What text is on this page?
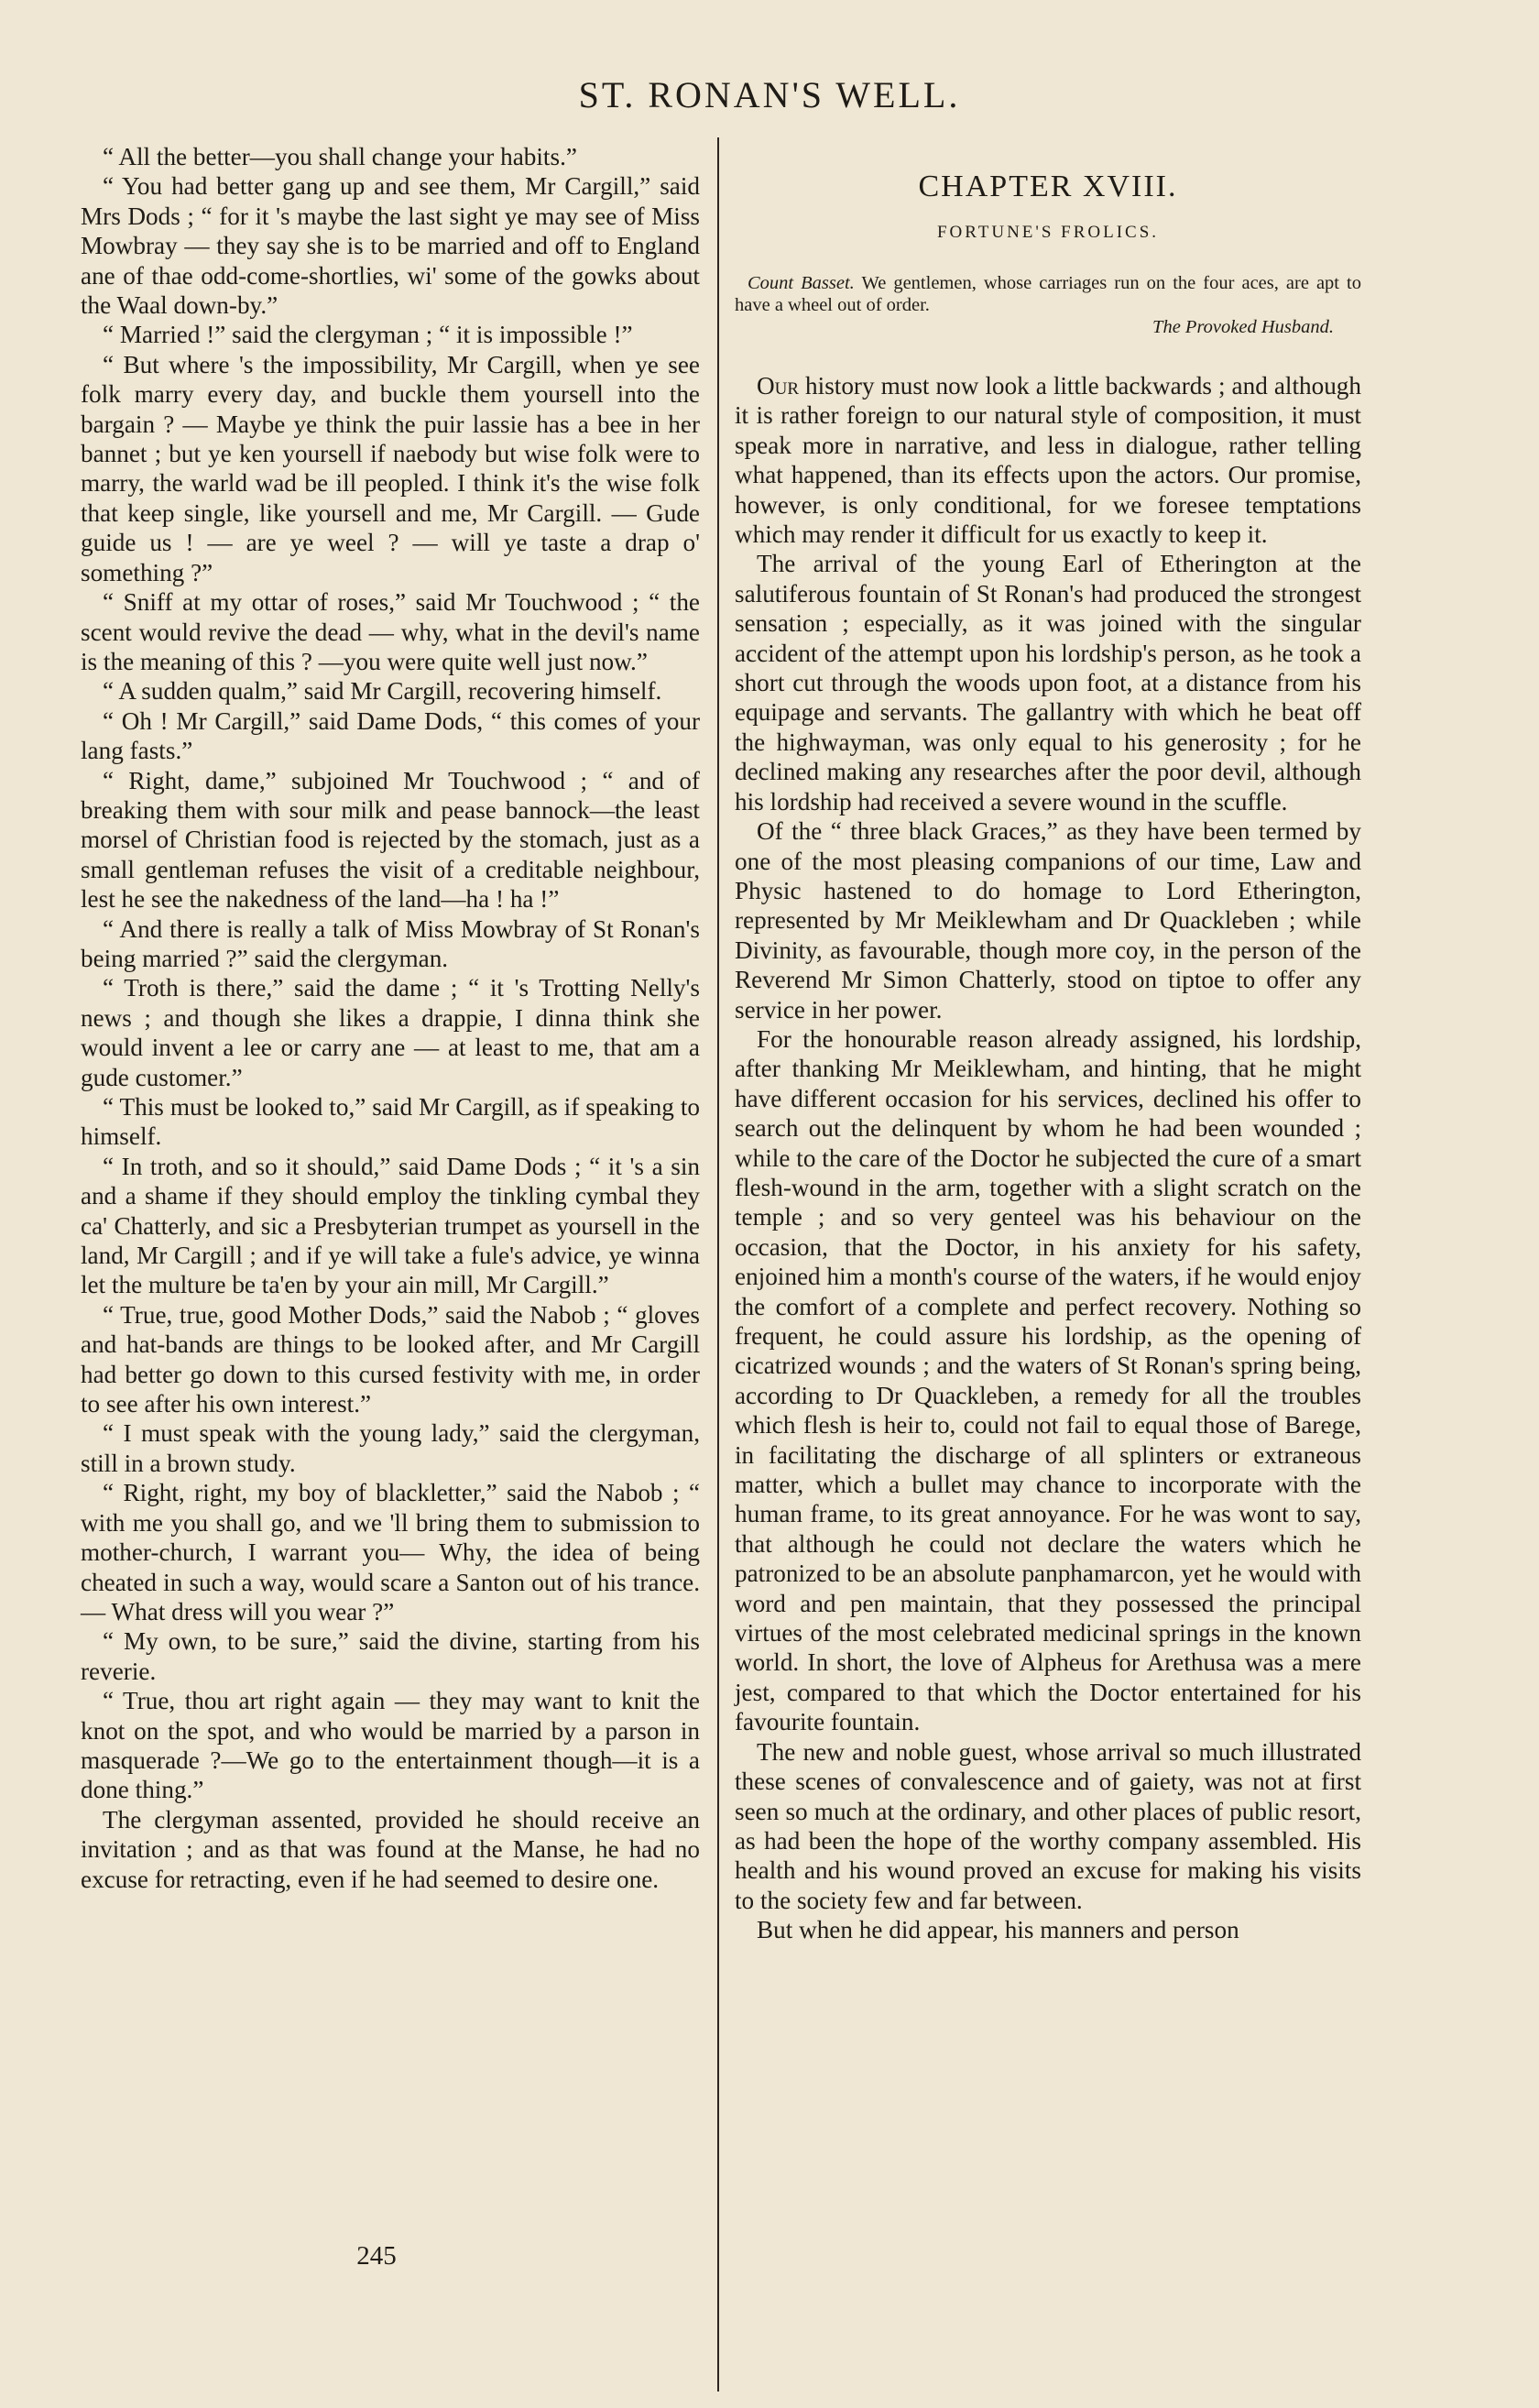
ST. RONAN'S WELL.

“ All the better—you shall change your habits.”

“ You had better gang up and see them, Mr Cargill,” said Mrs Dods ; “ for it 's maybe the last sight ye may see of Miss Mowbray — they say she is to be married and off to England ane of thae odd-come-shortlies, wi' some of the gowks about the Waal down-by.”

“ Married !” said the clergyman ; “ it is impossible !”

“ But where 's the impossibility, Mr Cargill, when ye see folk marry every day, and buckle them yoursell into the bargain ? — Maybe ye think the puir lassie has a bee in her bannet ; but ye ken yoursell if naebody but wise folk were to marry, the warld wad be ill peopled. I think it's the wise folk that keep single, like yoursell and me, Mr Cargill. — Gude guide us ! — are ye weel ? — will ye taste a drap o' something ?”

“ Sniff at my ottar of roses,” said Mr Touchwood ; “ the scent would revive the dead — why, what in the devil's name is the meaning of this ? —you were quite well just now.”

“ A sudden qualm,” said Mr Cargill, recovering himself.

“ Oh ! Mr Cargill,” said Dame Dods, “ this comes of your lang fasts.”

“ Right, dame,” subjoined Mr Touchwood ; “ and of breaking them with sour milk and pease bannock—the least morsel of Christian food is rejected by the stomach, just as a small gentleman refuses the visit of a creditable neighbour, lest he see the nakedness of the land—ha ! ha !”

“ And there is really a talk of Miss Mowbray of St Ronan's being married ?” said the clergyman.

“ Troth is there,” said the dame ; “ it 's Trotting Nelly's news ; and though she likes a drappie, I dinna think she would invent a lee or carry ane — at least to me, that am a gude customer.”

“ This must be looked to,” said Mr Cargill, as if speaking to himself.

“ In troth, and so it should,” said Dame Dods ; “ it 's a sin and a shame if they should employ the tinkling cymbal they ca' Chatterly, and sic a Presbyterian trumpet as yoursell in the land, Mr Cargill ; and if ye will take a fule's advice, ye winna let the multure be ta'en by your ain mill, Mr Cargill.”

“ True, true, good Mother Dods,” said the Nabob ; “ gloves and hat-bands are things to be looked after, and Mr Cargill had better go down to this cursed festivity with me, in order to see after his own interest.”

“ I must speak with the young lady,” said the clergyman, still in a brown study.

“ Right, right, my boy of blackletter,” said the Nabob ; “ with me you shall go, and we 'll bring them to submission to mother-church, I warrant you— Why, the idea of being cheated in such a way, would scare a Santon out of his trance.— What dress will you wear ?”

“ My own, to be sure,” said the divine, starting from his reverie.

“ True, thou art right again — they may want to knit the knot on the spot, and who would be married by a parson in masquerade ?—We go to the entertainment though—it is a done thing.”

The clergyman assented, provided he should receive an invitation ; and as that was found at the Manse, he had no excuse for retracting, even if he had seemed to desire one.

CHAPTER XVIII.
FORTUNE'S FROLICS.
Count Basset. We gentlemen, whose carriages run on the four aces, are apt to have a wheel out of order.
The Provoked Husband.

Our history must now look a little backwards ; and although it is rather foreign to our natural style of composition, it must speak more in narrative, and less in dialogue, rather telling what happened, than its effects upon the actors. Our promise, however, is only conditional, for we foresee temptations which may render it difficult for us exactly to keep it.

The arrival of the young Earl of Etherington at the salutiferous fountain of St Ronan's had produced the strongest sensation ; especially, as it was joined with the singular accident of the attempt upon his lordship's person, as he took a short cut through the woods upon foot, at a distance from his equipage and servants. The gallantry with which he beat off the highwayman, was only equal to his generosity ; for he declined making any researches after the poor devil, although his lordship had received a severe wound in the scuffle.

Of the “ three black Graces,” as they have been termed by one of the most pleasing companions of our time, Law and Physic hastened to do homage to Lord Etherington, represented by Mr Meiklewham and Dr Quackleben ; while Divinity, as favourable, though more coy, in the person of the Reverend Mr Simon Chatterly, stood on tiptoe to offer any service in her power.

For the honourable reason already assigned, his lordship, after thanking Mr Meiklewham, and hinting, that he might have different occasion for his services, declined his offer to search out the delinquent by whom he had been wounded ; while to the care of the Doctor he subjected the cure of a smart flesh-wound in the arm, together with a slight scratch on the temple ; and so very genteel was his behaviour on the occasion, that the Doctor, in his anxiety for his safety, enjoined him a month's course of the waters, if he would enjoy the comfort of a complete and perfect recovery. Nothing so frequent, he could assure his lordship, as the opening of cicatrized wounds ; and the waters of St Ronan's spring being, according to Dr Quackleben, a remedy for all the troubles which flesh is heir to, could not fail to equal those of Barege, in facilitating the discharge of all splinters or extraneous matter, which a bullet may chance to incorporate with the human frame, to its great annoyance. For he was wont to say, that although he could not declare the waters which he patronized to be an absolute panphamarcon, yet he would with word and pen maintain, that they possessed the principal virtues of the most celebrated medicinal springs in the known world. In short, the love of Alpheus for Arethusa was a mere jest, compared to that which the Doctor entertained for his favourite fountain.

The new and noble guest, whose arrival so much illustrated these scenes of convalescence and of gaiety, was not at first seen so much at the ordinary, and other places of public resort, as had been the hope of the worthy company assembled. His health and his wound proved an excuse for making his visits to the society few and far between.

But when he did appear, his manners and person

245
